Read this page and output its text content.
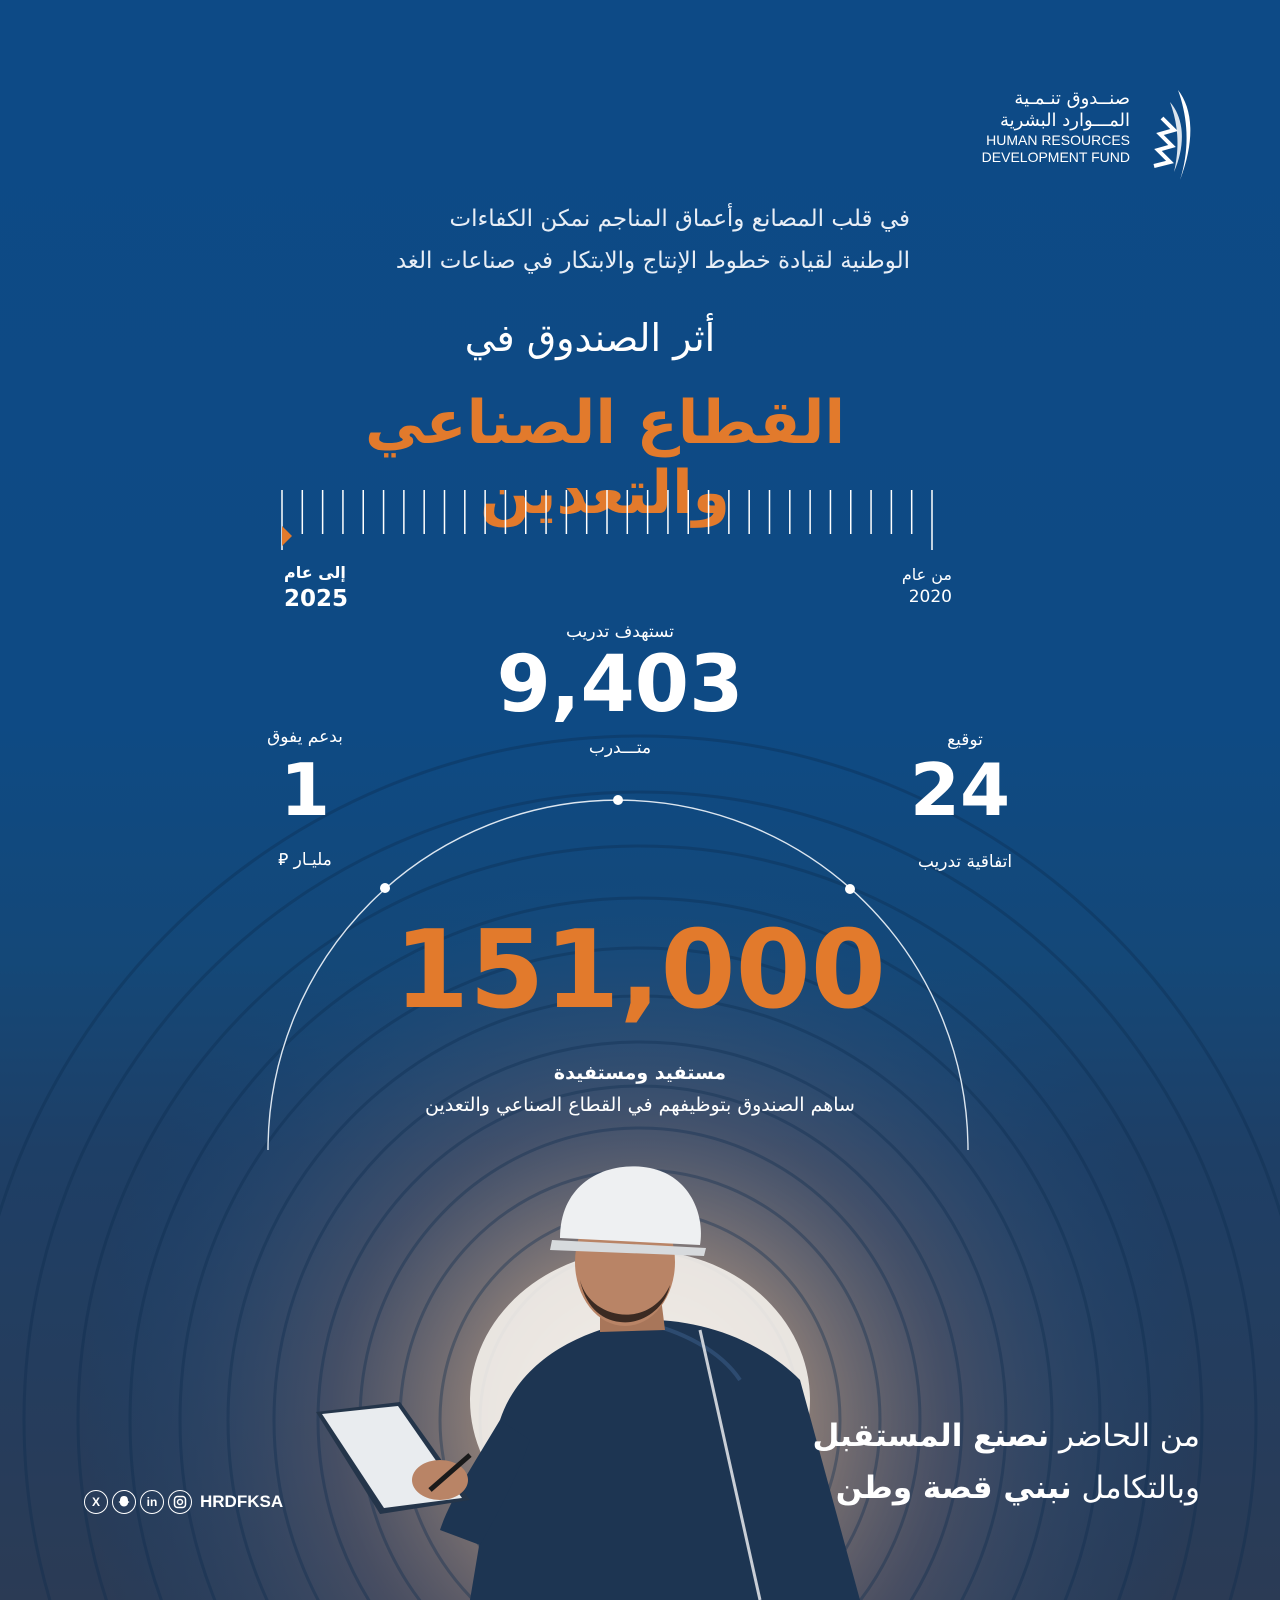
صنــدوق تنـمـية
المـــوارد البشرية
HUMAN RESOURCES
DEVELOPMENT FUND
في قلب المصانع وأعماق المناجم نمكن الكفاءات
الوطنية لقيادة خطوط الإنتاج والابتكار في صناعات الغد
أثر الصندوق في
القطاع الصناعي والتعدين
من عام
2020
إلى عام
2025
تستهدف تدريب
9,403
متـــدرب	توقيع
24
اتفاقية تدريب
بدعم يفوق
1
مليـار ⃁
151,000
مستفيد ومستفيدة
ساهم الصندوق بتوظيفهم في القطاع الصناعي والتعدين
من الحاضر نصنع المستقبل
وبالتكامل نبني قصة وطن
X	in	HRDFKSA
